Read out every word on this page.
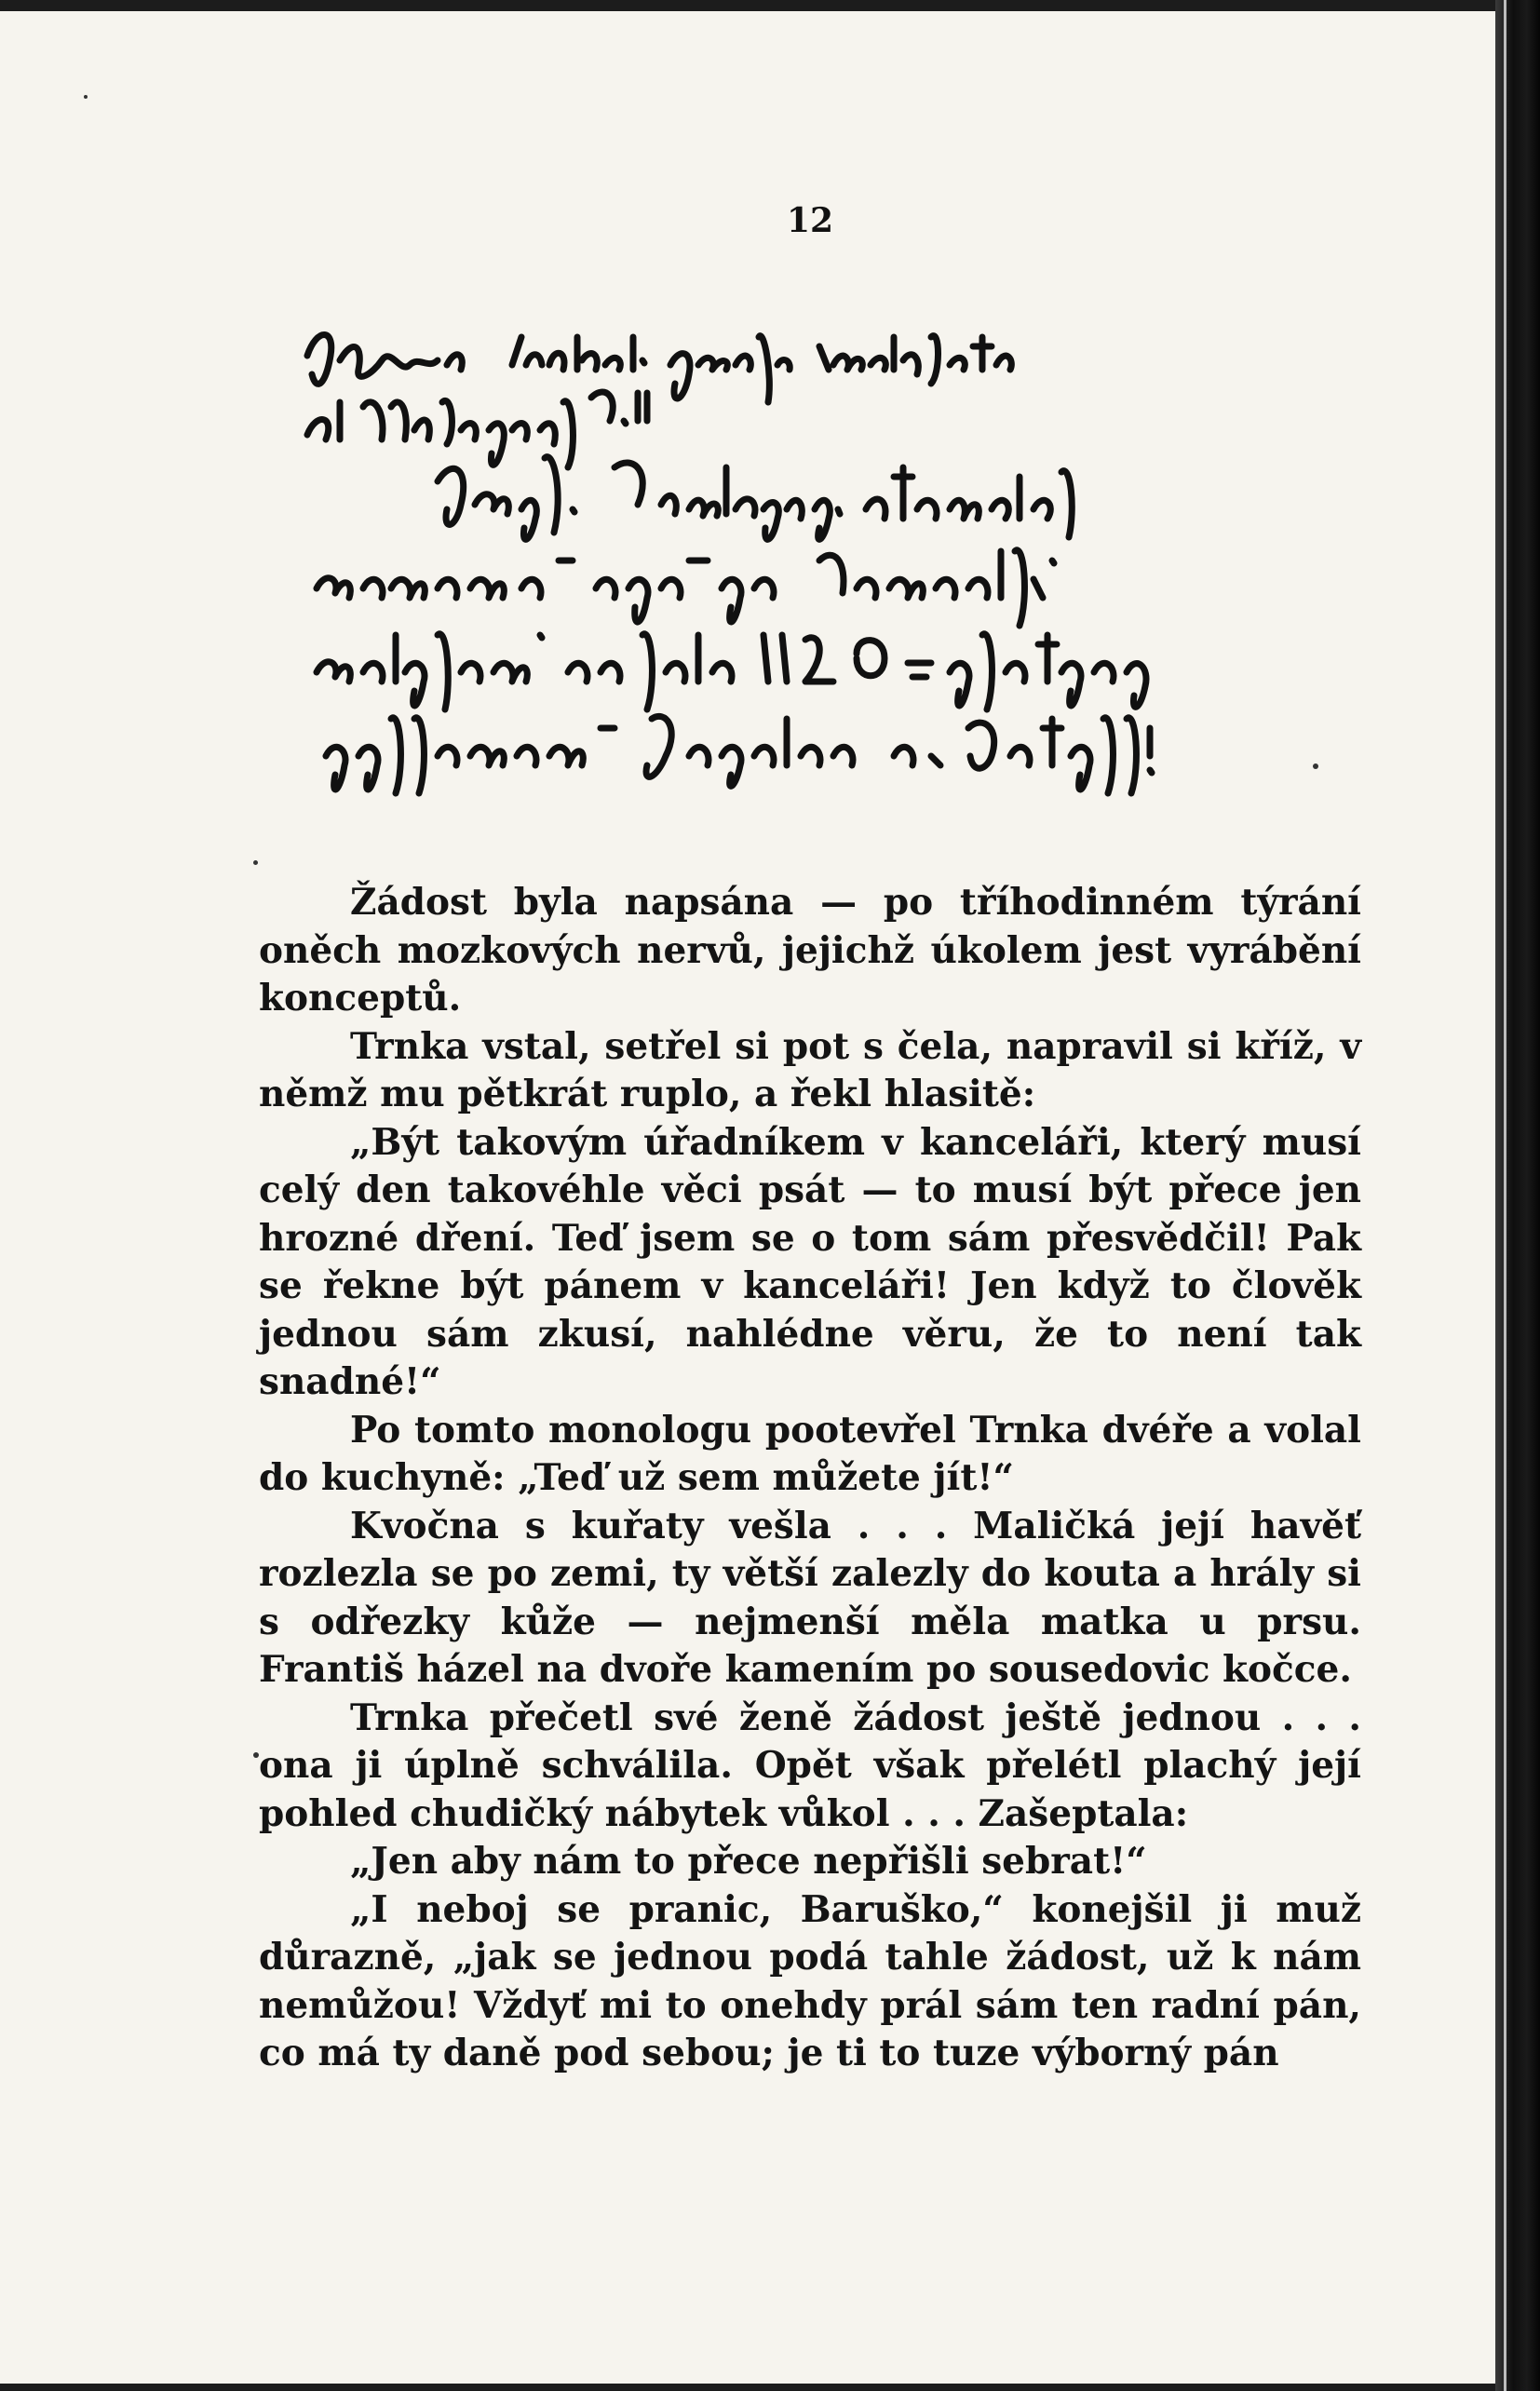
12

Žádost byla napsána — po tříhodinném týrání oněch mozkových nervů, jejichž úkolem jest vyrábění konceptů.

Trnka vstal, setřel si pot s čela, napravil si kříž, v němž mu pětkrát ruplo, a řekl hlasitě:

„Být takovým úřadníkem v kanceláři, který musí celý den takovéhle věci psát — to musí být přece jen hrozné dření. Teď jsem se o tom sám přesvědčil! Pak se řekne být pánem v kanceláři! Jen když to člověk jednou sám zkusí, nahlédne věru, že to není tak snadné!“

Po tomto monologu pootevřel Trnka dvéře a volal do kuchyně: „Teď už sem můžete jít!“

Kvočna s kuřaty vešla . . . Maličká její havěť rozlezla se po zemi, ty větší zalezly do kouta a hrály si s odřezky kůže — nejmenší měla matka u prsu. Františ házel na dvoře kamením po sousedovic kočce.

Trnka přečetl své ženě žádost ještě jednou . . . ona ji úplně schválila. Opět však přelétl plachý její pohled chudičký nábytek vůkol . . . Zašeptala:

„Jen aby nám to přece nepřišli sebrat!“

„I neboj se pranic, Baruško,“ konejšil ji muž důrazně, „jak se jednou podá tahle žádost, už k nám nemůžou! Vždyť mi to onehdy prál sám ten radní pán, co má ty daně pod sebou; je ti to tuze výborný pán
